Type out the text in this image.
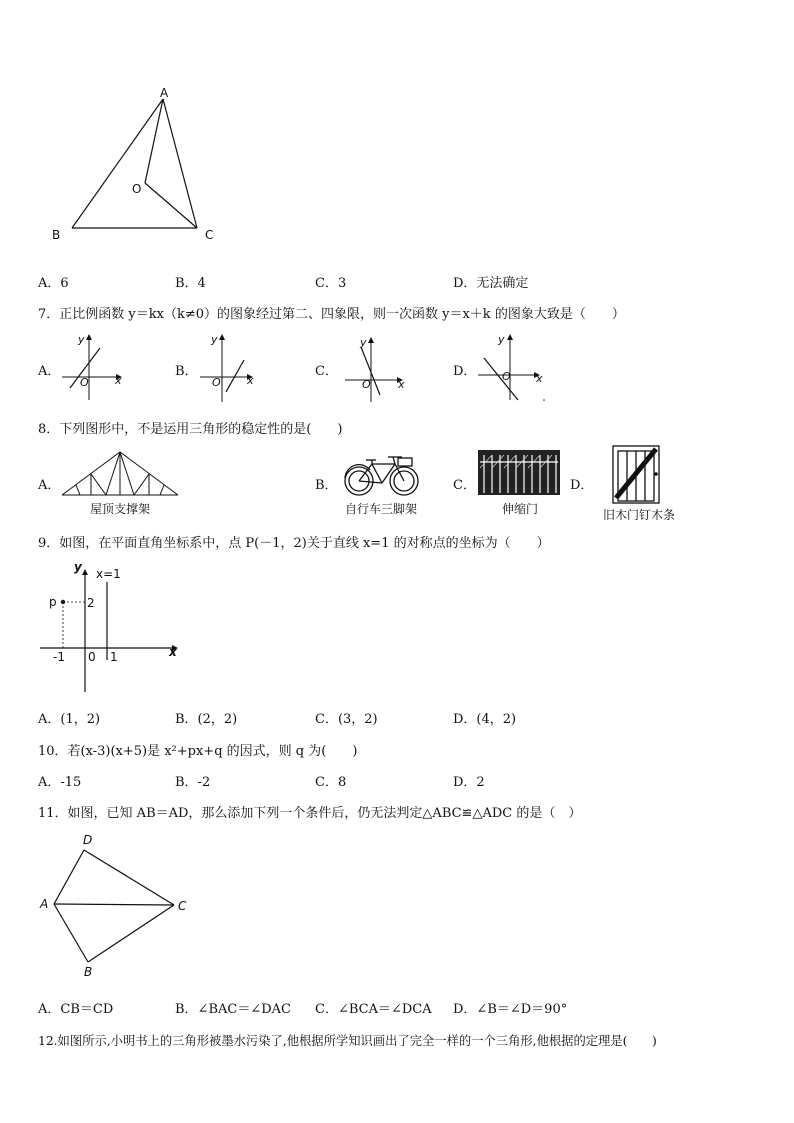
A
O
B	C
A．6	B．4	C．3	D．无法确定
7．正比例函数 y＝kx（k≠0）的图象经过第二、四象限，则一次函数 y＝x＋k 的图象大致是（　　）
A．	B．	C．	D．
y
x
O
y
x
O
y
x
O
y
x
O
8．下列图形中，不是运用三角形的稳定性的是(　　)
A．	B．	C．	D．
屋顶支撑架	自行车三脚架	伸缩门	旧木门钉木条
9．如图，在平面直角坐标系中，点 P(－1，2)关于直线 x=1 的对称点的坐标为（　　）
y x=1
p	2
-1 0 1	x
A．(1，2)	B．(2，2)	C．(3，2)	D．(4，2)
10．若(x-3)(x+5)是 x²+px+q 的因式，则 q 为(　　)
A．-15	B．-2	C．8	D．2
11．如图，已知 AB＝AD，那么添加下列一个条件后，仍无法判定△ABC≌△ADC 的是（　）
D
A	C
B
A．CB＝CD	B．∠BAC＝∠DAC C．∠BCA＝∠DCA D．∠B＝∠D＝90°
12.如图所示,小明书上的三角形被墨水污染了,他根据所学知识画出了完全一样的一个三角形,他根据的定理是(　　)
